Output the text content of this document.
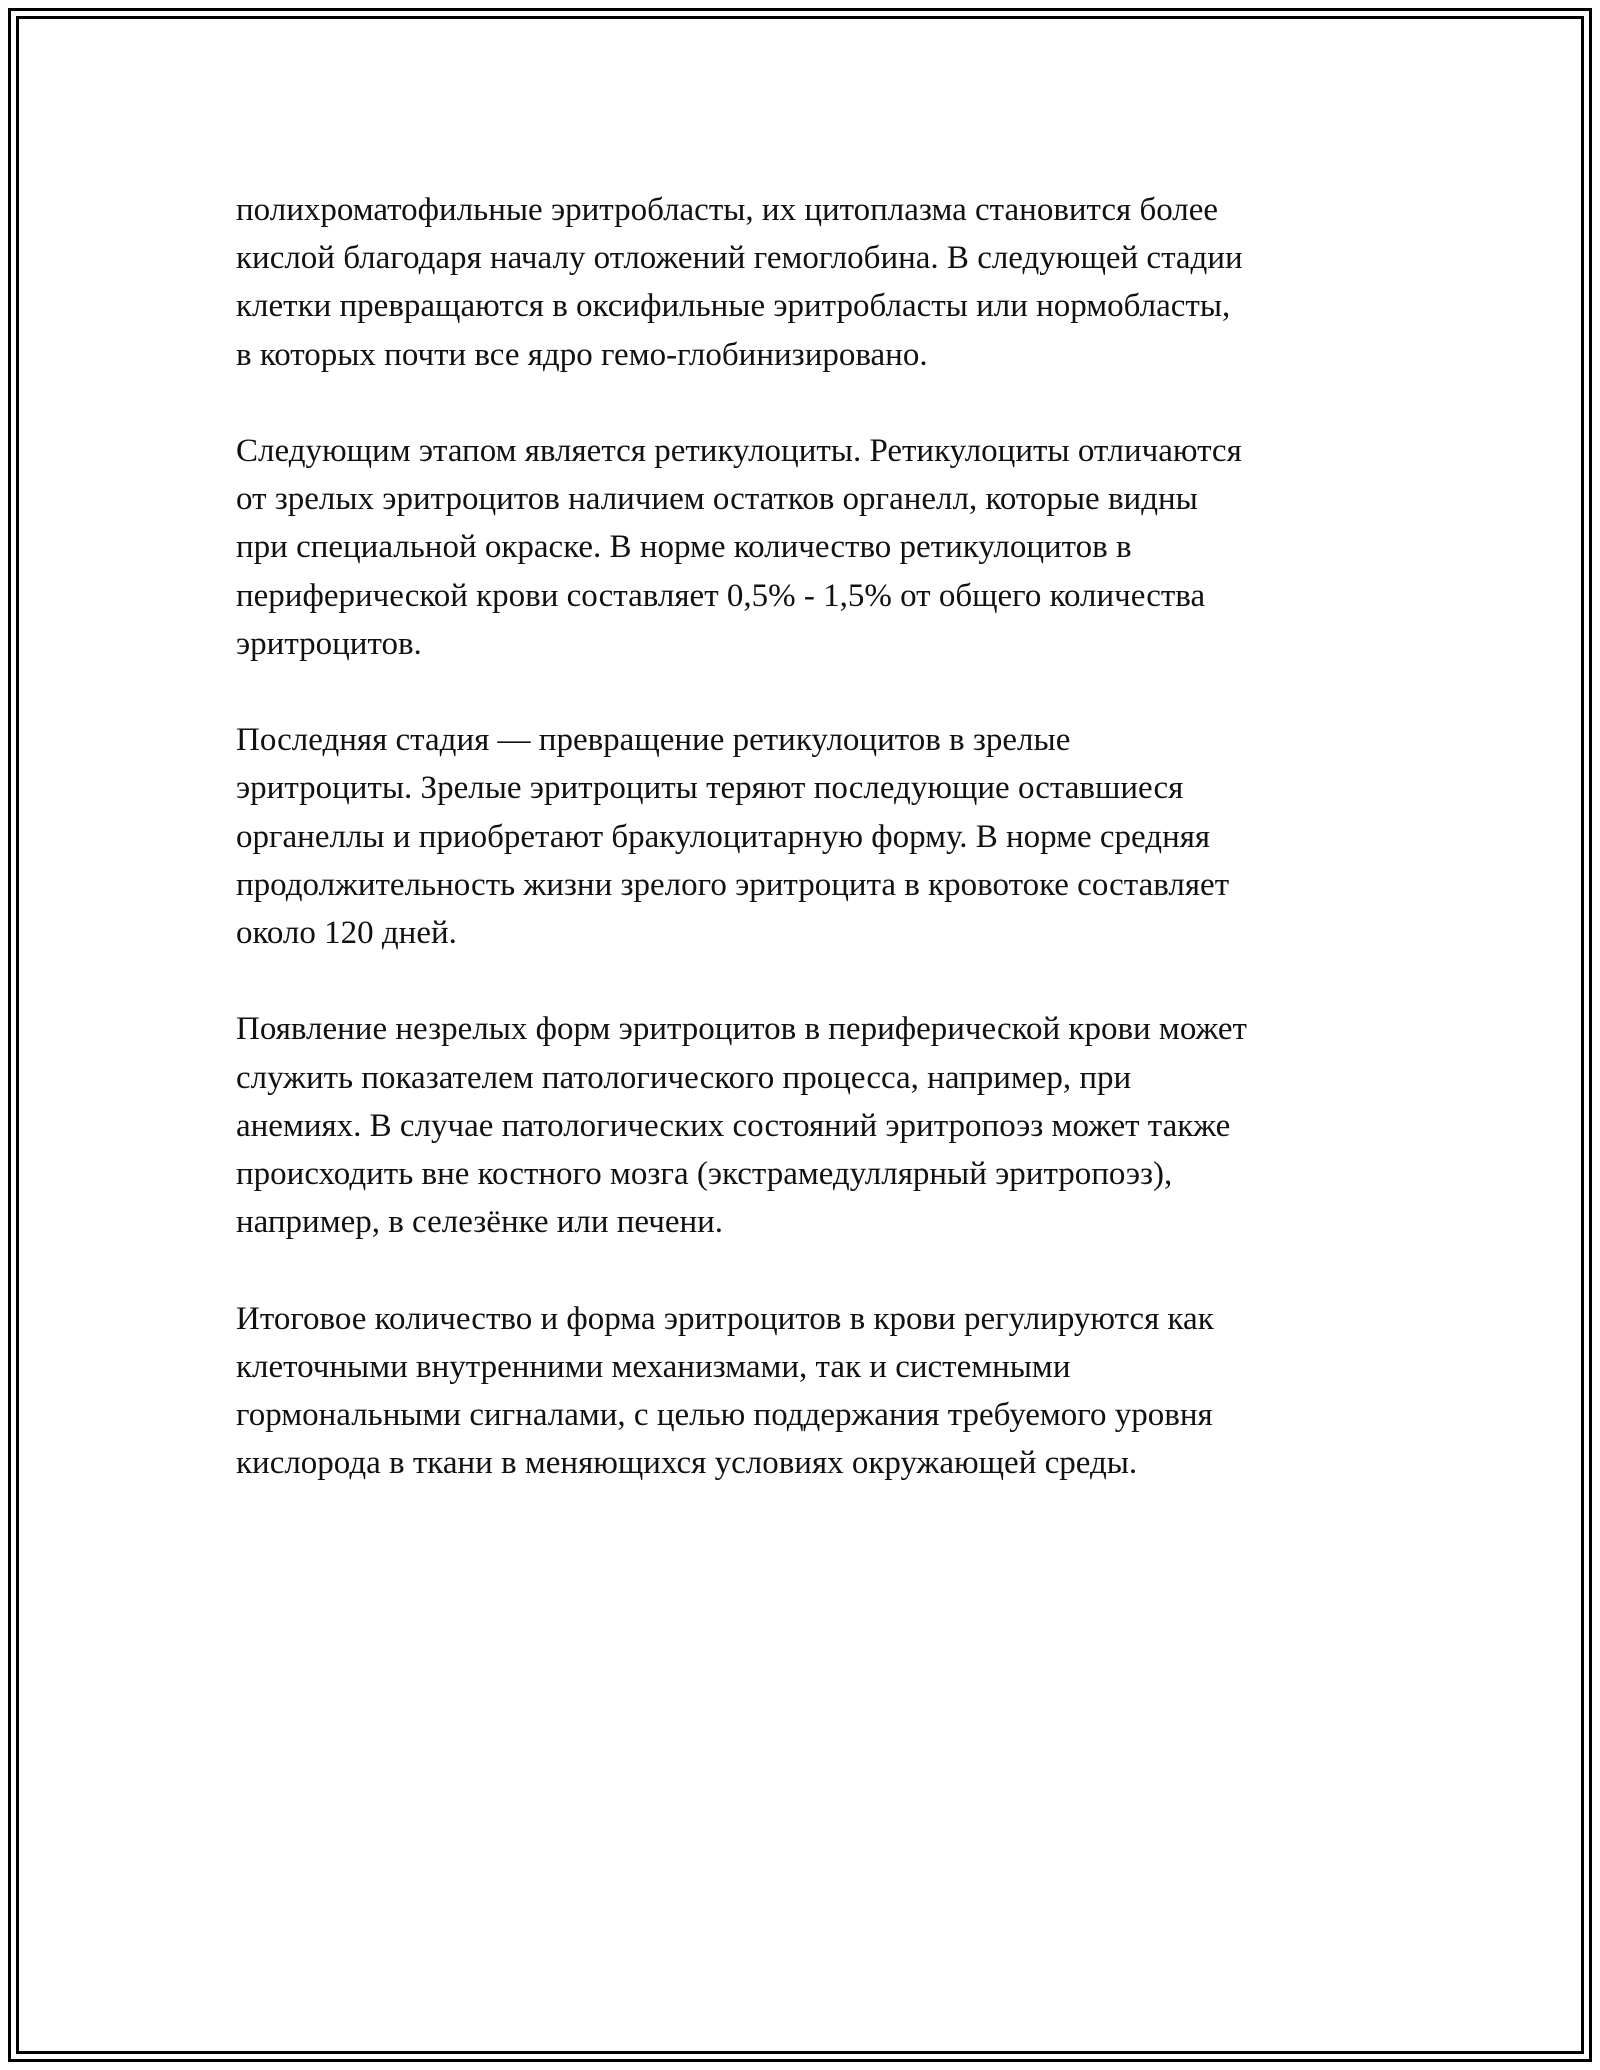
полихроматофильные эритробласты, их цитоплазма становится более
кислой благодаря началу отложений гемоглобина. В следующей стадии
клетки превращаются в оксифильные эритробласты или нормобласты,
в которых почти все ядро гемо-глобинизировано.

Следующим этапом является ретикулоциты. Ретикулоциты отличаются
от зрелых эритроцитов наличием остатков органелл, которые видны
при специальной окраске. В норме количество ретикулоцитов в
периферической крови составляет 0,5% - 1,5% от общего количества
эритроцитов.

Последняя стадия — превращение ретикулоцитов в зрелые
эритроциты. Зрелые эритроциты теряют последующие оставшиеся
органеллы и приобретают бракулоцитарную форму. В норме средняя
продолжительность жизни зрелого эритроцита в кровотоке составляет
около 120 дней.

Появление незрелых форм эритроцитов в периферической крови может
служить показателем патологического процесса, например, при
анемиях. В случае патологических состояний эритропоэз может также
происходить вне костного мозга (экстрамедуллярный эритропоэз),
например, в селезёнке или печени.

Итоговое количество и форма эритроцитов в крови регулируются как
клеточными внутренними механизмами, так и системными
гормональными сигналами, с целью поддержания требуемого уровня
кислорода в ткани в меняющихся условиях окружающей среды.
